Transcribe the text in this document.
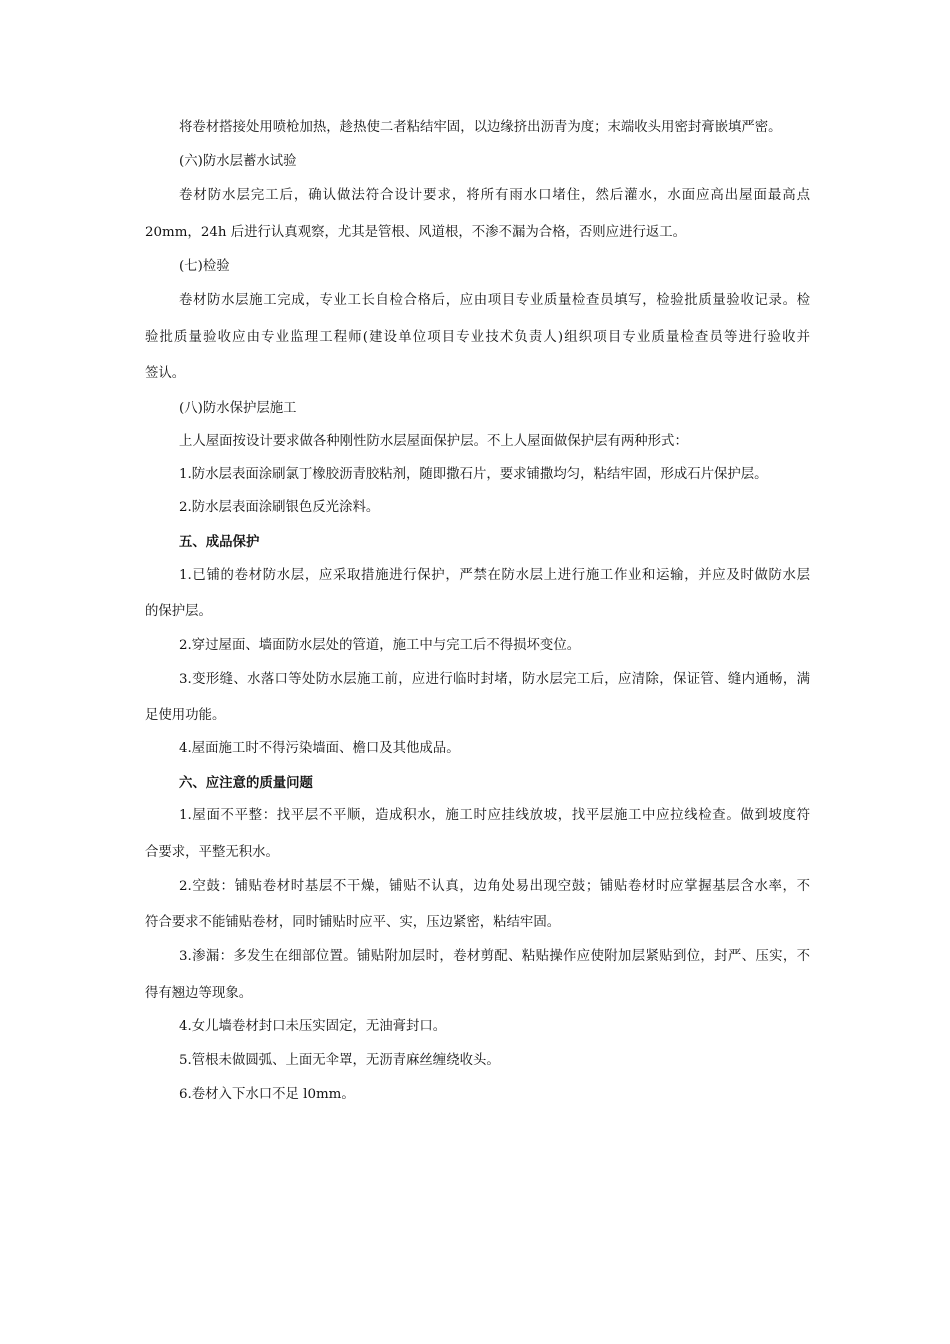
将卷材搭接处用喷枪加热，趁热使二者粘结牢固，以边缘挤出沥青为度；末端收头用密封膏嵌填严密。
(六)防水层蓄水试验
卷材防水层完工后，确认做法符合设计要求，将所有雨水口堵住，然后灌水，水面应高出屋面最高点
20mm，24h 后进行认真观察，尤其是管根、风道根，不渗不漏为合格，否则应进行返工。
(七)检验
卷材防水层施工完成，专业工长自检合格后，应由项目专业质量检查员填写，检验批质量验收记录。检
验批质量验收应由专业监理工程师(建设单位项目专业技术负责人)组织项目专业质量检查员等进行验收并
签认。
(八)防水保护层施工
上人屋面按设计要求做各种刚性防水层屋面保护层。不上人屋面做保护层有两种形式：
1.防水层表面涂刷氯丁橡胶沥青胶粘剂，随即撒石片，要求铺撒均匀，粘结牢固，形成石片保护层。
2.防水层表面涂刷银色反光涂料。
五、成品保护
1.已铺的卷材防水层，应采取措施进行保护，严禁在防水层上进行施工作业和运输，并应及时做防水层
的保护层。
2.穿过屋面、墙面防水层处的管道，施工中与完工后不得损坏变位。
3.变形缝、水落口等处防水层施工前，应进行临时封堵，防水层完工后，应清除，保证管、缝内通畅，满
足使用功能。
4.屋面施工时不得污染墙面、檐口及其他成品。
六、应注意的质量问题
1.屋面不平整：找平层不平顺，造成积水，施工时应挂线放坡，找平层施工中应拉线检查。做到坡度符
合要求，平整无积水。
2.空鼓：铺贴卷材时基层不干燥，铺贴不认真，边角处易出现空鼓；铺贴卷材时应掌握基层含水率，不
符合要求不能铺贴卷材，同时铺贴时应平、实，压边紧密，粘结牢固。
3.渗漏：多发生在细部位置。铺贴附加层时，卷材剪配、粘贴操作应使附加层紧贴到位，封严、压实，不
得有翘边等现象。
4.女儿墙卷材封口未压实固定，无油膏封口。
5.管根未做圆弧、上面无伞罩，无沥青麻丝缠绕收头。
6.卷材入下水口不足 l0mm。
